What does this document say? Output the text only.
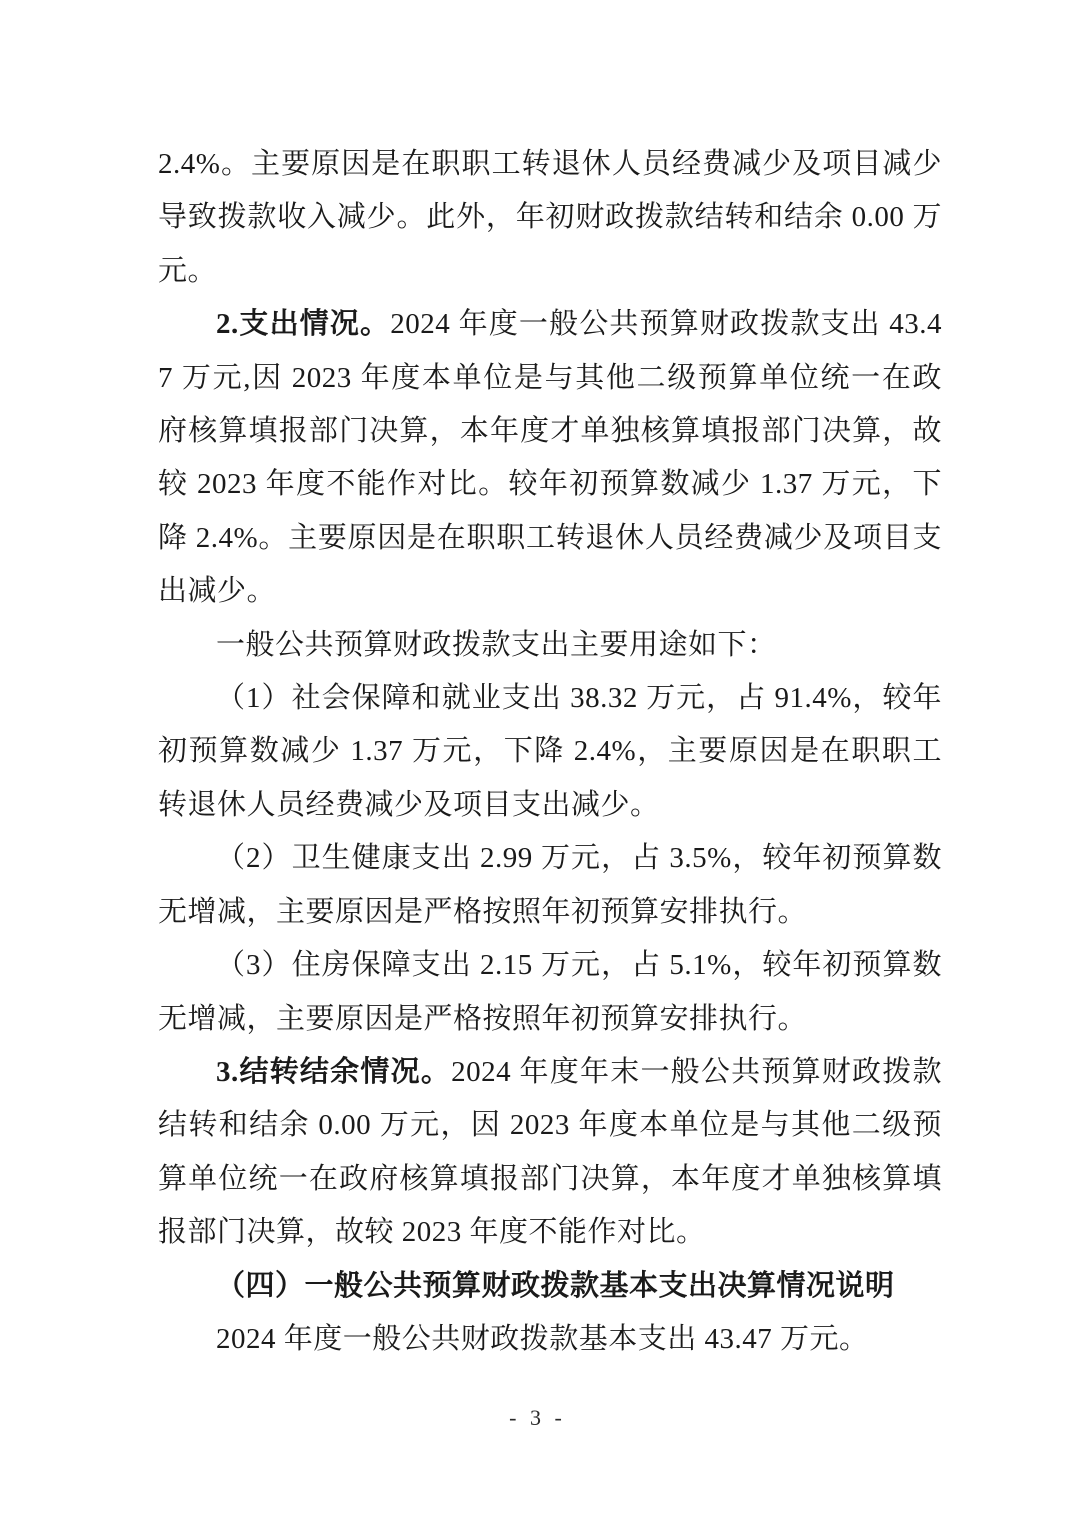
2.4%。主要原因是在职职工转退休人员经费减少及项目减少导致拨款收入减少。此外，年初财政拨款结转和结余 0.00 万元。

2.支出情况。2024 年度一般公共预算财政拨款支出 43.47 万元,因 2023 年度本单位是与其他二级预算单位统一在政府核算填报部门决算，本年度才单独核算填报部门决算，故较 2023 年度不能作对比。较年初预算数减少 1.37 万元，下降 2.4%。主要原因是在职职工转退休人员经费减少及项目支出减少。

一般公共预算财政拨款支出主要用途如下：

（1）社会保障和就业支出 38.32 万元，占 91.4%，较年初预算数减少 1.37 万元，下降 2.4%，主要原因是在职职工转退休人员经费减少及项目支出减少。

（2）卫生健康支出 2.99 万元，占 3.5%，较年初预算数无增减，主要原因是严格按照年初预算安排执行。

（3）住房保障支出 2.15 万元，占 5.1%，较年初预算数无增减，主要原因是严格按照年初预算安排执行。

3.结转结余情况。2024 年度年末一般公共预算财政拨款结转和结余 0.00 万元，因 2023 年度本单位是与其他二级预算单位统一在政府核算填报部门决算，本年度才单独核算填报部门决算，故较 2023 年度不能作对比。

（四）一般公共预算财政拨款基本支出决算情况说明

2024 年度一般公共财政拨款基本支出 43.47 万元。

- 3 -
